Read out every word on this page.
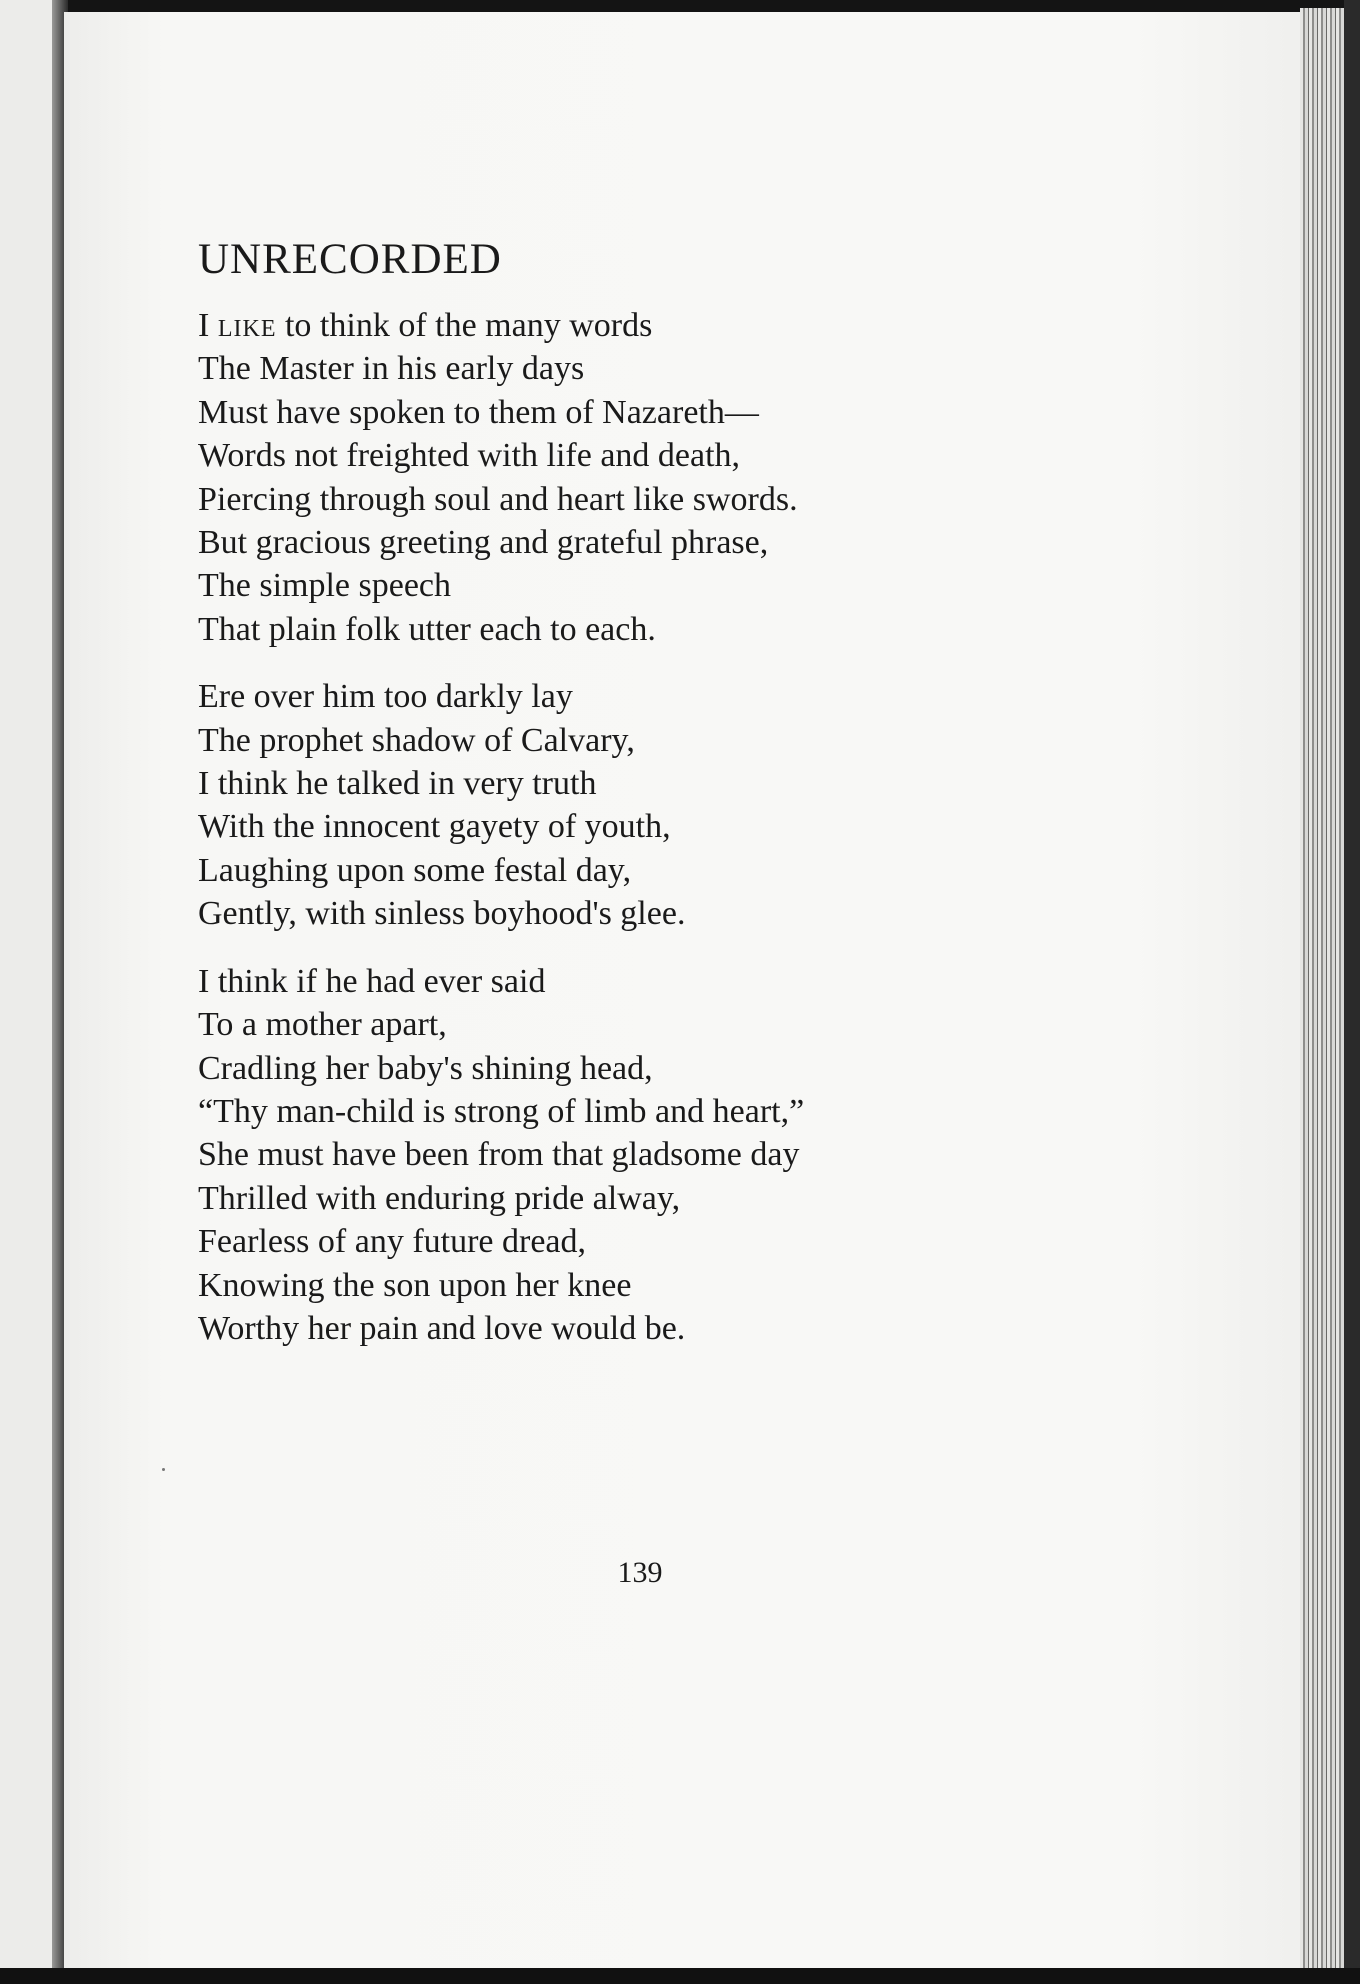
UNRECORDED
I like to think of the many words
The Master in his early days
Must have spoken to them of Nazareth—
Words not freighted with life and death,
Piercing through soul and heart like swords.
But gracious greeting and grateful phrase,
The simple speech
That plain folk utter each to each.
Ere over him too darkly lay
The prophet shadow of Calvary,
I think he talked in very truth
With the innocent gayety of youth,
Laughing upon some festal day,
Gently, with sinless boyhood's glee.
I think if he had ever said
To a mother apart,
Cradling her baby's shining head,
“Thy man-child is strong of limb and heart,”
She must have been from that gladsome day
Thrilled with enduring pride alway,
Fearless of any future dread,
Knowing the son upon her knee
Worthy her pain and love would be.
139
